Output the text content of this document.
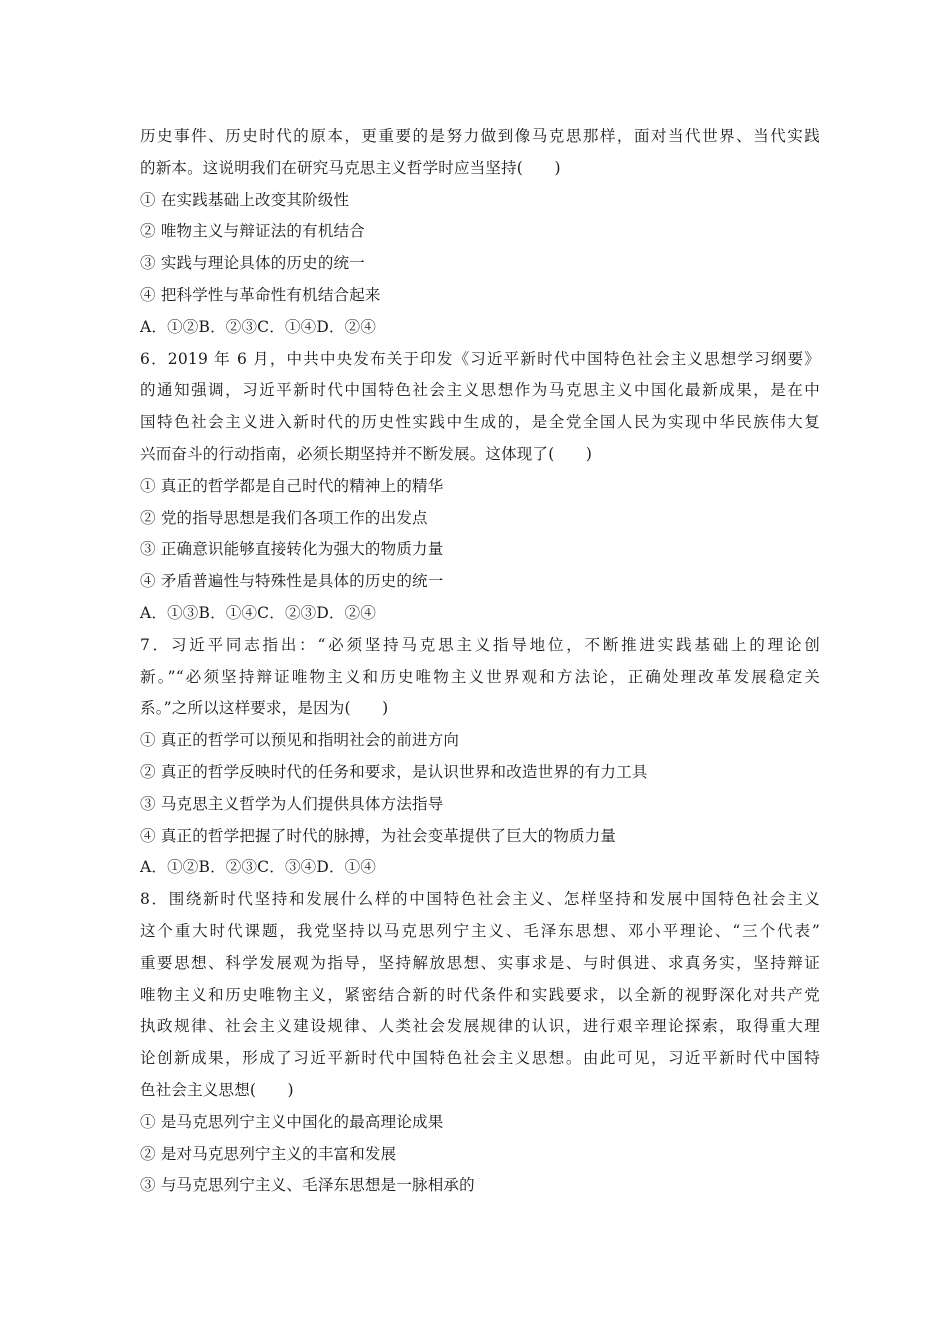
历史事件、历史时代的原本，更重要的是努力做到像马克思那样，面对当代世界、当代实践
的新本。这说明我们在研究马克思主义哲学时应当坚持(　　)
① 在实践基础上改变其阶级性
② 唯物主义与辩证法的有机结合
③ 实践与理论具体的历史的统一
④ 把科学性与革命性有机结合起来
A．①②B．②③C．①④D．②④
6．2019 年 6 月，中共中央发布关于印发《习近平新时代中国特色社会主义思想学习纲要》
的通知强调，习近平新时代中国特色社会主义思想作为马克思主义中国化最新成果，是在中
国特色社会主义进入新时代的历史性实践中生成的，是全党全国人民为实现中华民族伟大复
兴而奋斗的行动指南，必须长期坚持并不断发展。这体现了(　　)
① 真正的哲学都是自己时代的精神上的精华
② 党的指导思想是我们各项工作的出发点
③ 正确意识能够直接转化为强大的物质力量
④ 矛盾普遍性与特殊性是具体的历史的统一
A．①③B．①④C．②③D．②④
7．习近平同志指出：“必须坚持马克思主义指导地位，不断推进实践基础上的理论创
新。”“必须坚持辩证唯物主义和历史唯物主义世界观和方法论，正确处理改革发展稳定关
系。”之所以这样要求，是因为(　　)
① 真正的哲学可以预见和指明社会的前进方向
② 真正的哲学反映时代的任务和要求，是认识世界和改造世界的有力工具
③ 马克思主义哲学为人们提供具体方法指导
④ 真正的哲学把握了时代的脉搏，为社会变革提供了巨大的物质力量
A．①②B．②③C．③④D．①④
8．围绕新时代坚持和发展什么样的中国特色社会主义、怎样坚持和发展中国特色社会主义
这个重大时代课题，我党坚持以马克思列宁主义、毛泽东思想、邓小平理论、“三个代表”
重要思想、科学发展观为指导，坚持解放思想、实事求是、与时俱进、求真务实，坚持辩证
唯物主义和历史唯物主义，紧密结合新的时代条件和实践要求，以全新的视野深化对共产党
执政规律、社会主义建设规律、人类社会发展规律的认识，进行艰辛理论探索，取得重大理
论创新成果，形成了习近平新时代中国特色社会主义思想。由此可见，习近平新时代中国特
色社会主义思想(　　)
① 是马克思列宁主义中国化的最高理论成果
② 是对马克思列宁主义的丰富和发展
③ 与马克思列宁主义、毛泽东思想是一脉相承的
